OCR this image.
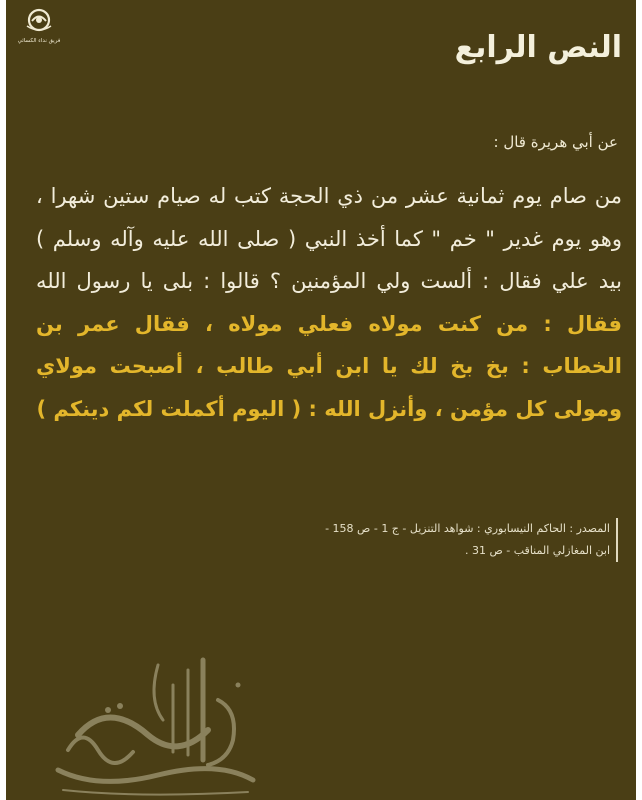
فريق نداء الكسائي	النص الرابع
عن أبي هريرة قال :
من صام يوم ثمانية عشر من ذي الحجة كتب له صيام ستين شهرا ، وهو يوم غدير " خم " كما أخذ النبي ( صلى الله عليه وآله وسلم ) بيد علي فقال : ألست ولي المؤمنين ؟ قالوا : بلى يا رسول الله فقال : من كنت مولاه فعلي مولاه ، فقال عمر بن الخطاب : بخ بخ لك يا ابن أبي طالب ، أصبحت مولاي ومولى كل مؤمن ، وأنزل الله : ( اليوم أكملت لكم دينكم )
المصدر : الحاكم النيسابوري : شواهد التنزيل - ج 1 - ص 158 -
ابن المغازلي المناقب - ص 31 .
